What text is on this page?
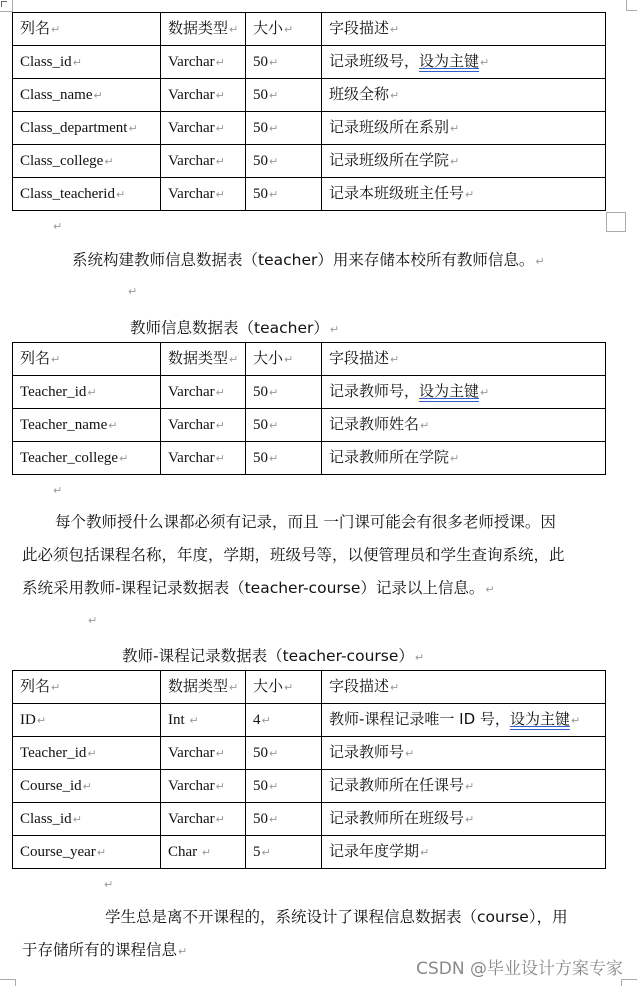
列名↵	数据类型↵	大小↵	字段描述↵
Class_id↵	Varchar↵	50↵	记录班级号，设为主键↵
Class_name↵	Varchar↵	50↵	班级全称↵
Class_department↵	Varchar↵	50↵	记录班级所在系别↵
Class_college↵	Varchar↵	50↵	记录班级所在学院↵
Class_teacherid↵	Varchar↵	50↵	记录本班级班主任号↵
↵
系统构建教师信息数据表（teacher）用来存储本校所有教师信息。↵
↵
教师信息数据表（teacher）↵
列名↵	数据类型↵	大小↵	字段描述↵
Teacher_id↵	Varchar↵	50↵	记录教师号，设为主键↵
Teacher_name↵	Varchar↵	50↵	记录教师姓名↵
Teacher_college↵	Varchar↵	50↵	记录教师所在学院↵
↵
每个教师授什么课都必须有记录，而且 一门课可能会有很多老师授课。因
此必须包括课程名称，年度，学期，班级号等，以便管理员和学生查询系统，此
系统采用教师-课程记录数据表（teacher-course）记录以上信息。↵
↵
教师-课程记录数据表（teacher-course）↵
列名↵	数据类型↵	大小↵	字段描述↵
ID↵	Int ↵	4↵	教师-课程记录唯一 ID 号，设为主键↵
Teacher_id↵	Varchar↵	50↵	记录教师号↵
Course_id↵	Varchar↵	50↵	记录教师所在任课号↵
Class_id↵	Varchar↵	50↵	记录教师所在班级号↵
Course_year↵	Char ↵	5↵	记录年度学期↵
↵
学生总是离不开课程的，系统设计了课程信息数据表（course），用
于存储所有的课程信息↵
CSDN @毕业设计方案专家
